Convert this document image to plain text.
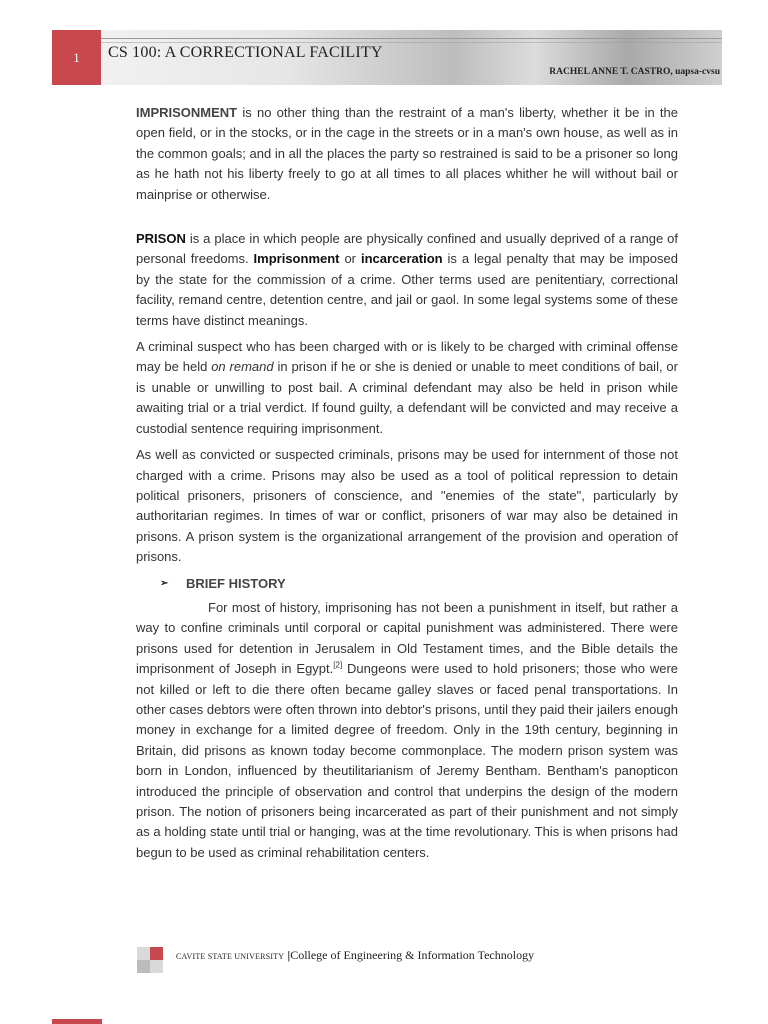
1	CS 100: A CORRECTIONAL FACILITY
RACHEL ANNE T. CASTRO, uapsa-cvsu

IMPRISONMENT is no other thing than the restraint of a man's liberty, whether it be in the open field, or in the stocks, or in the cage in the streets or in a man's own house, as well as in the common goals; and in all the places the party so restrained is said to be a prisoner so long as he hath not his liberty freely to go at all times to all places whither he will without bail or mainprise or otherwise.

PRISON is a place in which people are physically confined and usually deprived of a range of personal freedoms. Imprisonment or incarceration is a legal penalty that may be imposed by the state for the commission of a crime. Other terms used are penitentiary, correctional facility, remand centre, detention centre, and jail or gaol. In some legal systems some of these terms have distinct meanings.

A criminal suspect who has been charged with or is likely to be charged with criminal offense may be held on remand in prison if he or she is denied or unable to meet conditions of bail, or is unable or unwilling to post bail. A criminal defendant may also be held in prison while awaiting trial or a trial verdict. If found guilty, a defendant will be convicted and may receive a custodial sentence requiring imprisonment.

As well as convicted or suspected criminals, prisons may be used for internment of those not charged with a crime. Prisons may also be used as a tool of political repression to detain political prisoners, prisoners of conscience, and "enemies of the state", particularly by authoritarian regimes. In times of war or conflict, prisoners of war may also be detained in prisons. A prison system is the organizational arrangement of the provision and operation of prisons.

➢ BRIEF HISTORY

For most of history, imprisoning has not been a punishment in itself, but rather a way to confine criminals until corporal or capital punishment was administered. There were prisons used for detention in Jerusalem in Old Testament times, and the Bible details the imprisonment of Joseph in Egypt.[2] Dungeons were used to hold prisoners; those who were not killed or left to die there often became galley slaves or faced penal transportations. In other cases debtors were often thrown into debtor's prisons, until they paid their jailers enough money in exchange for a limited degree of freedom. Only in the 19th century, beginning in Britain, did prisons as known today become commonplace. The modern prison system was born in London, influenced by theutilitarianism of Jeremy Bentham. Bentham's panopticon introduced the principle of observation and control that underpins the design of the modern prison. The notion of prisoners being incarcerated as part of their punishment and not simply as a holding state until trial or hanging, was at the time revolutionary. This is when prisons had begun to be used as criminal rehabilitation centers.

CAVITE STATE UNIVERSITY |College of Engineering & Information Technology
